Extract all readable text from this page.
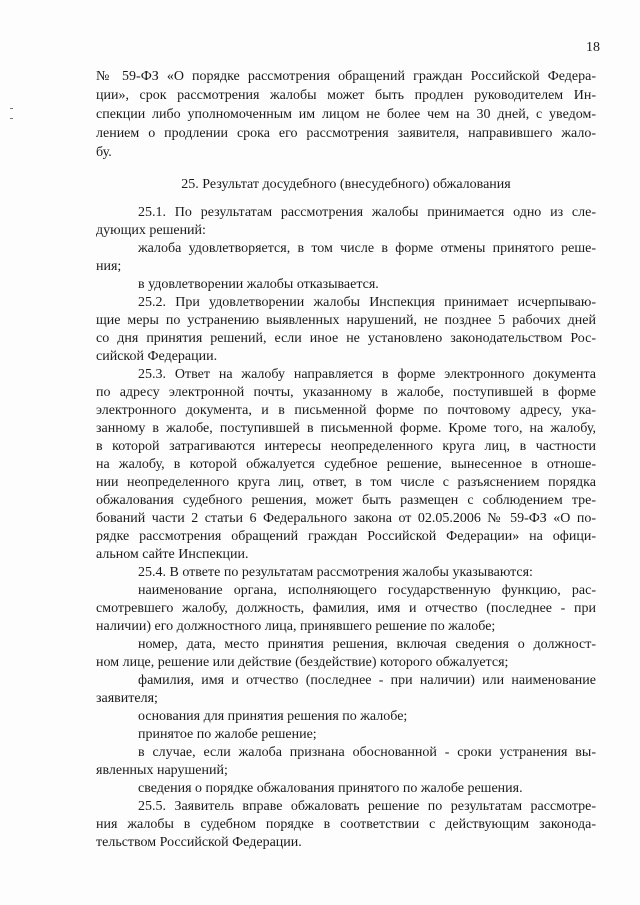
18
№ 59-ФЗ «О порядке рассмотрения обращений граждан Российской Федера-
ции», срок рассмотрения жалобы может быть продлен руководителем Ин-
спекции либо уполномоченным им лицом не более чем на 30 дней, с уведом-
лением о продлении срока его рассмотрения заявителя, направившего жало-
бу.
25. Результат досудебного (внесудебного) обжалования
25.1. По результатам рассмотрения жалобы принимается одно из сле-
дующих решений:
жалоба удовлетворяется, в том числе в форме отмены принятого реше-
ния;
в удовлетворении жалобы отказывается.
25.2. При удовлетворении жалобы Инспекция принимает исчерпываю-
щие меры по устранению выявленных нарушений, не позднее 5 рабочих дней
со дня принятия решений, если иное не установлено законодательством Рос-
сийской Федерации.
25.3. Ответ на жалобу направляется в форме электронного документа
по адресу электронной почты, указанному в жалобе, поступившей в форме
электронного документа, и в письменной форме по почтовому адресу, ука-
занному в жалобе, поступившей в письменной форме. Кроме того, на жалобу,
в которой затрагиваются интересы неопределенного круга лиц, в частности
на жалобу, в которой обжалуется судебное решение, вынесенное в отноше-
нии неопределенного круга лиц, ответ, в том числе с разъяснением порядка
обжалования судебного решения, может быть размещен с соблюдением тре-
бований части 2 статьи 6 Федерального закона от 02.05.2006 № 59-ФЗ «О по-
рядке рассмотрения обращений граждан Российской Федерации» на офици-
альном сайте Инспекции.
25.4. В ответе по результатам рассмотрения жалобы указываются:
наименование органа, исполняющего государственную функцию, рас-
смотревшего жалобу, должность, фамилия, имя и отчество (последнее - при
наличии) его должностного лица, принявшего решение по жалобе;
номер, дата, место принятия решения, включая сведения о должност-
ном лице, решение или действие (бездействие) которого обжалуется;
фамилия, имя и отчество (последнее - при наличии) или наименование
заявителя;
основания для принятия решения по жалобе;
принятое по жалобе решение;
в случае, если жалоба признана обоснованной - сроки устранения вы-
явленных нарушений;
сведения о порядке обжалования принятого по жалобе решения.
25.5. Заявитель вправе обжаловать решение по результатам рассмотре-
ния жалобы в судебном порядке в соответствии с действующим законода-
тельством Российской Федерации.
